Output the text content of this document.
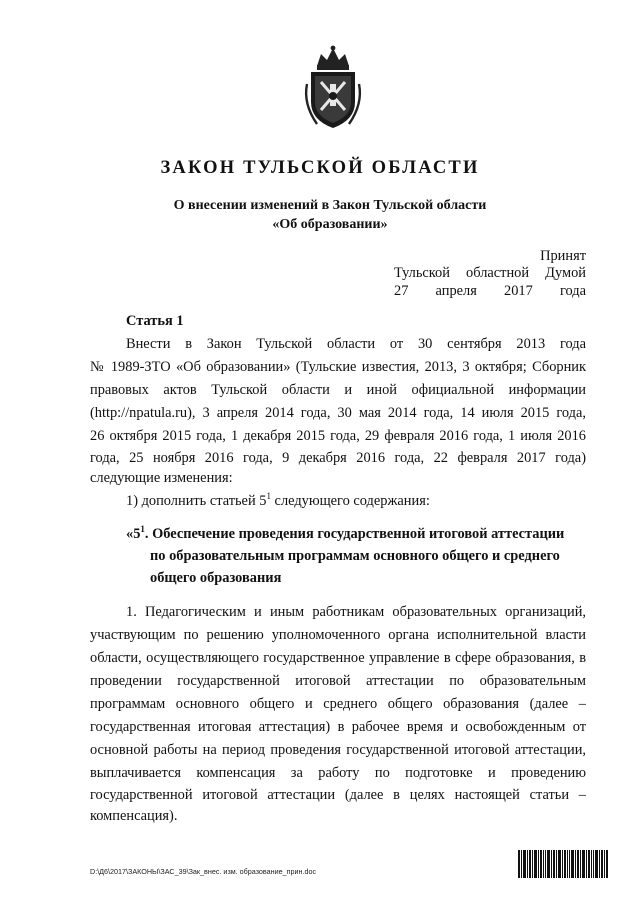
ЗАКОН ТУЛЬСКОЙ ОБЛАСТИ
О внесении изменений в Закон Тульской области
«Об образовании»
Принят
Тульской областной Думой
27 апреля 2017 года
Статья 1
Внести в Закон Тульской области от 30 сентября 2013 года
№ 1989-ЗТО «Об образовании» (Тульские известия, 2013, 3 октября; Сборник
правовых актов Тульской области и иной официальной информации
(http://npatula.ru), 3 апреля 2014 года, 30 мая 2014 года, 14 июля 2015 года,
26 октября 2015 года, 1 декабря 2015 года, 29 февраля 2016 года, 1 июля 2016
года, 25 ноября 2016 года, 9 декабря 2016 года, 22 февраля 2017 года)
следующие изменения:
1) дополнить статьей $5^1$ следующего содержания:
«$5^1$. Обеспечение проведения государственной итоговой аттестации
по образовательным программам основного общего и среднего
общего образования
1. Педагогическим и иным работникам образовательных организаций,
участвующим по решению уполномоченного органа исполнительной власти
области, осуществляющего государственное управление в сфере образования, в
проведении государственной итоговой аттестации по образовательным
программам основного общего и среднего общего образования (далее –
государственная итоговая аттестация) в рабочее время и освобожденным от
основной работы на период проведения государственной итоговой аттестации,
выплачивается компенсация за работу по подготовке и проведению
государственной итоговой аттестации (далее в целях настоящей статьи –
компенсация).
D:\Д6\2017\ЗАКОНЫ\ЗАС_39\Зак_внес. изм. образование_прин.doc
